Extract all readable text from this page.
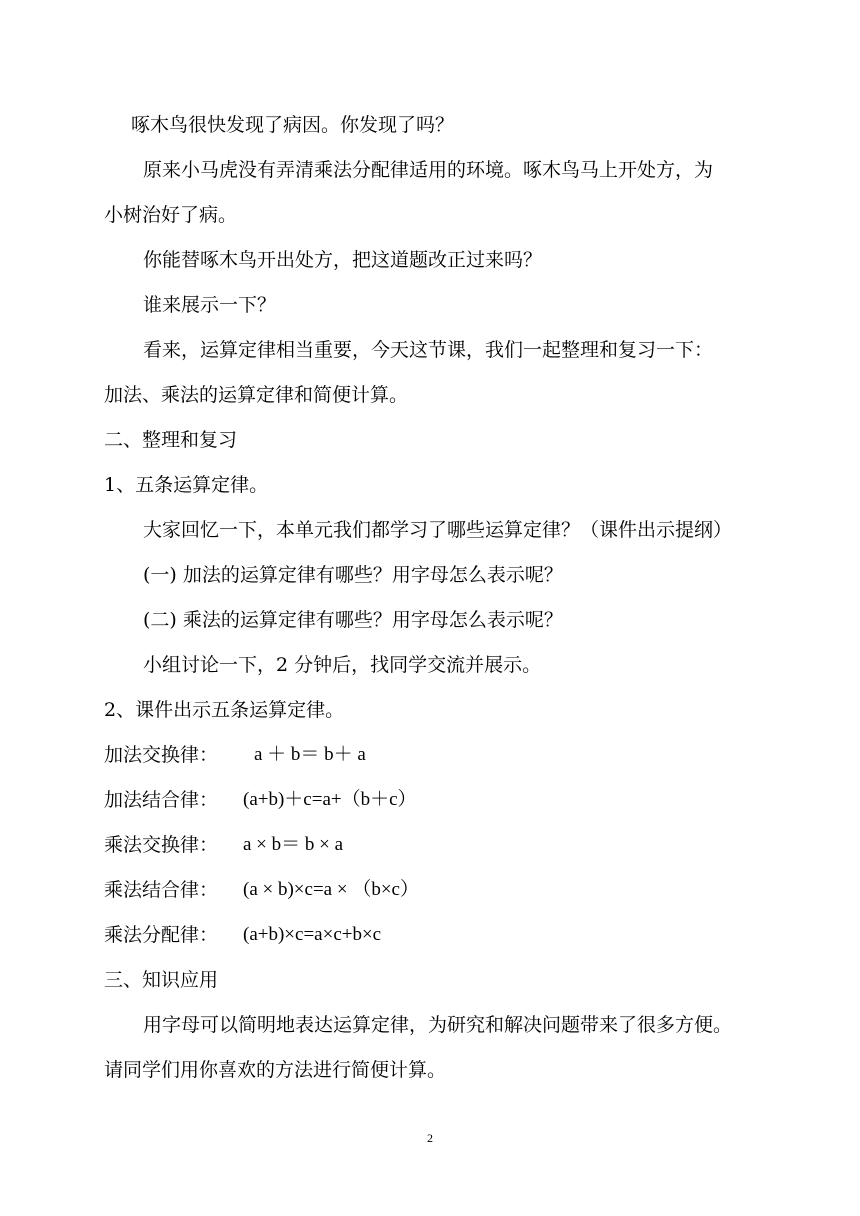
啄木鸟很快发现了病因。你发现了吗？
原来小马虎没有弄清乘法分配律适用的环境。啄木鸟马上开处方，为
小树治好了病。
你能替啄木鸟开出处方，把这道题改正过来吗？
谁来展示一下？
看来，运算定律相当重要，今天这节课，我们一起整理和复习一下：
加法、乘法的运算定律和简便计算。
二、整理和复习
1、五条运算定律。
大家回忆一下，本单元我们都学习了哪些运算定律？（课件出示提纲）
(一) 加法的运算定律有哪些？用字母怎么表示呢？
(二) 乘法的运算定律有哪些？用字母怎么表示呢？
小组讨论一下，2 分钟后，找同学交流并展示。
2、课件出示五条运算定律。
加法交换律： a ＋ b＝ b＋ a
加法结合律： (a+b)＋c=a+（b＋c）
乘法交换律： a × b＝ b × a
乘法结合律： (a × b)×c=a × （b×c）
乘法分配律： (a+b)×c=a×c+b×c
三、知识应用
用字母可以简明地表达运算定律，为研究和解决问题带来了很多方便。
请同学们用你喜欢的方法进行简便计算。
2
